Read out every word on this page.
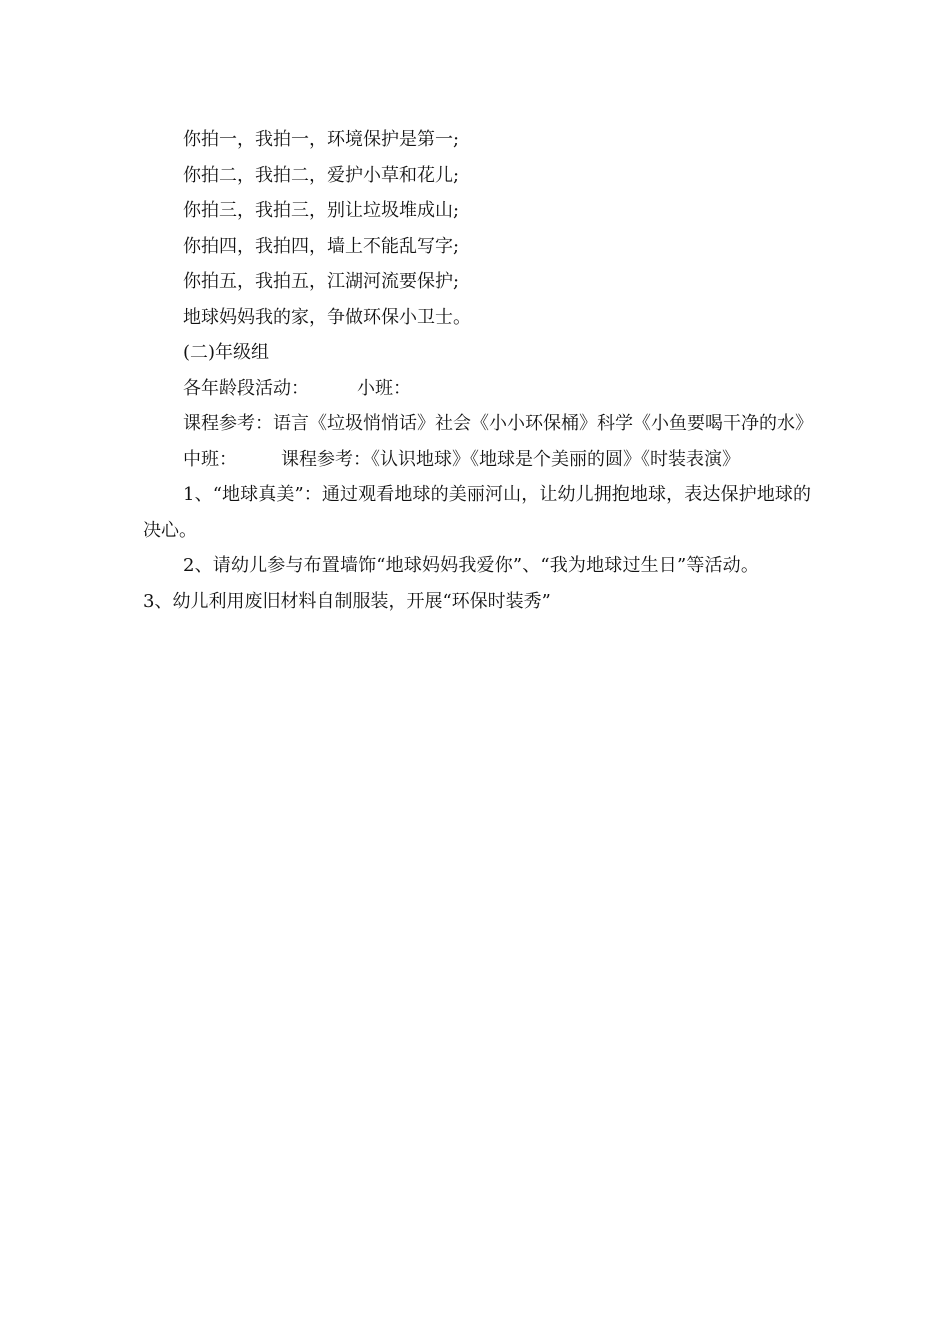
你拍一，我拍一，环境保护是第一;

你拍二，我拍二，爱护小草和花儿;

你拍三，我拍三，别让垃圾堆成山;

你拍四，我拍四，墙上不能乱写字;

你拍五，我拍五，江湖河流要保护;

地球妈妈我的家，争做环保小卫士。

(二)年级组

各年龄段活动：	小班：

课程参考：语言《垃圾悄悄话》社会《小小环保桶》科学《小鱼要喝干净的水》

中班： 课程参考：《认识地球》《地球是个美丽的圆》《时装表演》

1、“地球真美”：通过观看地球的美丽河山，让幼儿拥抱地球，表达保护地球的决心。

2、请幼儿参与布置墙饰“地球妈妈我爱你”、“我为地球过生日”等活动。3、幼儿利用废旧材料自制服装，开展“环保时装秀”
